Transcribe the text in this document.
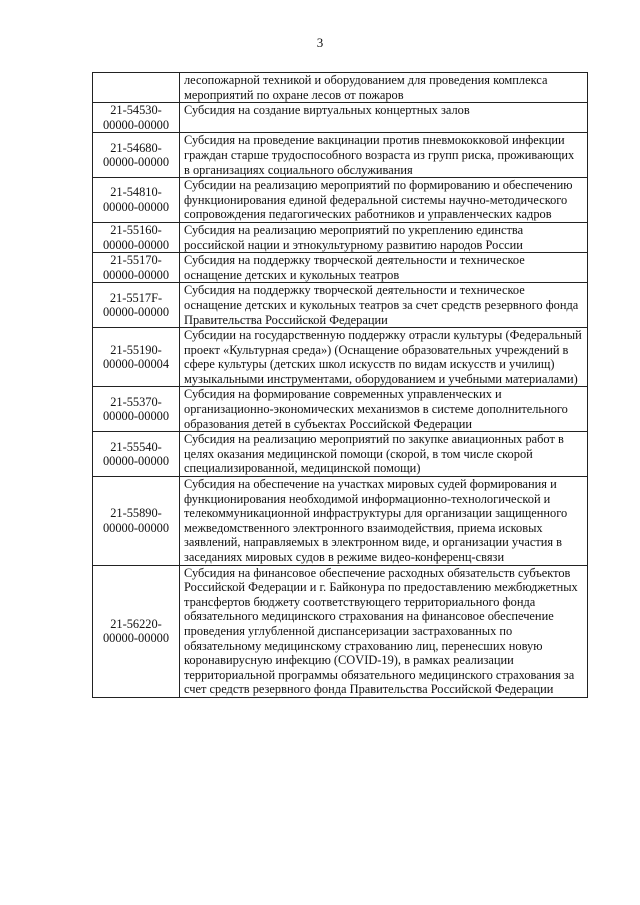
3
	лесопожарной техникой и оборудованием для проведения комплекса мероприятий по охране лесов от пожаров
21-54530-00000-00000	Субсидия на создание виртуальных концертных залов
21-54680-00000-00000	Субсидия на проведение вакцинации против пневмококковой инфекции граждан старше трудоспособного возраста из групп риска, проживающих в организациях социального обслуживания
21-54810-00000-00000	Субсидии на реализацию мероприятий по формированию и обеспечению функционирования единой федеральной системы научно-методического сопровождения педагогических работников и управленческих кадров
21-55160-00000-00000	Субсидия на реализацию мероприятий по укреплению единства российской нации и этнокультурному развитию народов России
21-55170-00000-00000	Субсидия на поддержку творческой деятельности и техническое оснащение детских и кукольных театров
21-5517F-00000-00000	Субсидия на поддержку творческой деятельности и техническое оснащение детских и кукольных театров за счет средств резервного фонда Правительства Российской Федерации
21-55190-00000-00004	Субсидии на государственную поддержку отрасли культуры (Федеральный проект «Культурная среда») (Оснащение образовательных учреждений в сфере культуры (детских школ искусств по видам искусств и училищ) музыкальными инструментами, оборудованием и учебными материалами)
21-55370-00000-00000	Субсидия на формирование современных управленческих и организационно-экономических механизмов в системе дополнительного образования детей в субъектах Российской Федерации
21-55540-00000-00000	Субсидия на реализацию мероприятий по закупке авиационных работ в целях оказания медицинской помощи (скорой, в том числе скорой специализированной, медицинской помощи)
21-55890-00000-00000	Субсидия на обеспечение на участках мировых судей формирования и функционирования необходимой информационно-технологической и телекоммуникационной инфраструктуры для организации защищенного межведомственного электронного взаимодействия, приема исковых заявлений, направляемых в электронном виде, и организации участия в заседаниях мировых судов в режиме видео-конференц-связи
21-56220-00000-00000	Субсидия на финансовое обеспечение расходных обязательств субъектов Российской Федерации и г. Байконура по предоставлению межбюджетных трансфертов бюджету соответствующего территориального фонда обязательного медицинского страхования на финансовое обеспечение проведения углубленной диспансеризации застрахованных по обязательному медицинскому страхованию лиц, перенесших новую коронавирусную инфекцию (COVID-19), в рамках реализации территориальной программы обязательного медицинского страхования за счет средств резервного фонда Правительства Российской Федерации
